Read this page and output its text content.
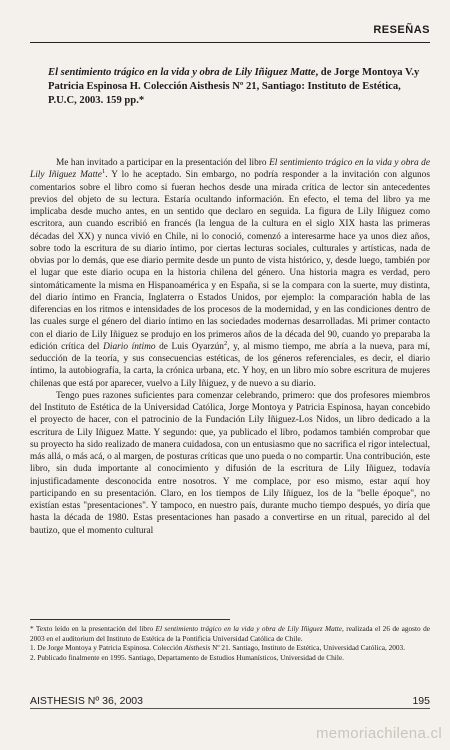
RESEÑAS
El sentimiento trágico en la vida y obra de Lily Iñiguez Matte, de Jorge Montoya V.y Patricia Espinosa H. Colección Aisthesis Nº 21, Santiago: Instituto de Estética, P.U.C, 2003. 159 pp.*

Me han invitado a participar en la presentación del libro El sentimiento trágico en la vida y obra de Lily Iñiguez Matte$^1$. Y lo he aceptado. Sin embargo, no podría responder a la invitación con algunos comentarios sobre el libro como si fueran hechos desde una mirada crítica de lector sin antecedentes previos del objeto de su lectura. Estaría ocultando información. En efecto, el tema del libro ya me implicaba desde mucho antes, en un sentido que declaro en seguida. La figura de Lily Iñiguez como escritora, aun cuando escribió en francés (la lengua de la cultura en el siglo XIX hasta las primeras décadas del XX) y nunca vivió en Chile, ni lo conoció, comenzó a interesarme hace ya unos diez años, sobre todo la escritura de su diario íntimo, por ciertas lecturas sociales, culturales y artísticas, nada de obvias por lo demás, que ese diario permite desde un punto de vista histórico, y, desde luego, también por el lugar que este diario ocupa en la historia chilena del género. Una historia magra es verdad, pero sintomáticamente la misma en Hispanoamérica y en España, si se la compara con la suerte, muy distinta, del diario íntimo en Francia, Inglaterra o Estados Unidos, por ejemplo: la comparación habla de las diferencias en los ritmos e intensidades de los procesos de la modernidad, y en las condiciones dentro de las cuales surge el género del diario íntimo en las sociedades modernas desarrolladas. Mi primer contacto con el diario de Lily Iñiguez se produjo en los primeros años de la década del 90, cuando yo preparaba la edición crítica del Diario íntimo de Luis Oyarzún$^2$, y, al mismo tiempo, me abría a la nueva, para mí, seducción de la teoría, y sus consecuencias estéticas, de los géneros referenciales, es decir, el diario íntimo, la autobiografía, la carta, la crónica urbana, etc. Y hoy, en un libro mío sobre escritura de mujeres chilenas que está por aparecer, vuelvo a Lily Iñiguez, y de nuevo a su diario.

Tengo pues razones suficientes para comenzar celebrando, primero: que dos profesores miembros del Instituto de Estética de la Universidad Católica, Jorge Montoya y Patricia Espinosa, hayan concebido el proyecto de hacer, con el patrocinio de la Fundación Lily Iñiguez-Los Nidos, un libro dedicado a la escritura de Lily Iñiguez Matte. Y segundo: que, ya publicado el libro, podamos también comprobar que su proyecto ha sido realizado de manera cuidadosa, con un entusiasmo que no sacrifica el rigor intelectual, más allá, o más acá, o al margen, de posturas críticas que uno pueda o no compartir. Una contribución, este libro, sin duda importante al conocimiento y difusión de la escritura de Lily Iñiguez, todavía injustificadamente desconocida entre nosotros. Y me complace, por eso mismo, estar aquí hoy participando en su presentación. Claro, en los tiempos de Lily Iñiguez, los de la "belle époque", no existían estas "presentaciones". Y tampoco, en nuestro país, durante mucho tiempo después, yo diría que hasta la década de 1980. Estas presentaciones han pasado a convertirse en un ritual, parecido al del bautizo, que el momento cultural

* Texto leído en la presentación del libro El sentimiento trágico en la vida y obra de Lily Iñiguez Matte, realizada el 26 de agosto de 2003 en el auditorium del Instituto de Estética de la Pontificia Universidad Católica de Chile.

1. De Jorge Montoya y Patricia Espinosa. Colección Aisthesis Nº 21. Santiago, Instituto de Estética, Universidad Católica, 2003.

2. Publicado finalmente en 1995. Santiago, Departamento de Estudios Humanísticos, Universidad de Chile.

AISTHESIS Nº 36, 2003	195
memoriachilena.cl
